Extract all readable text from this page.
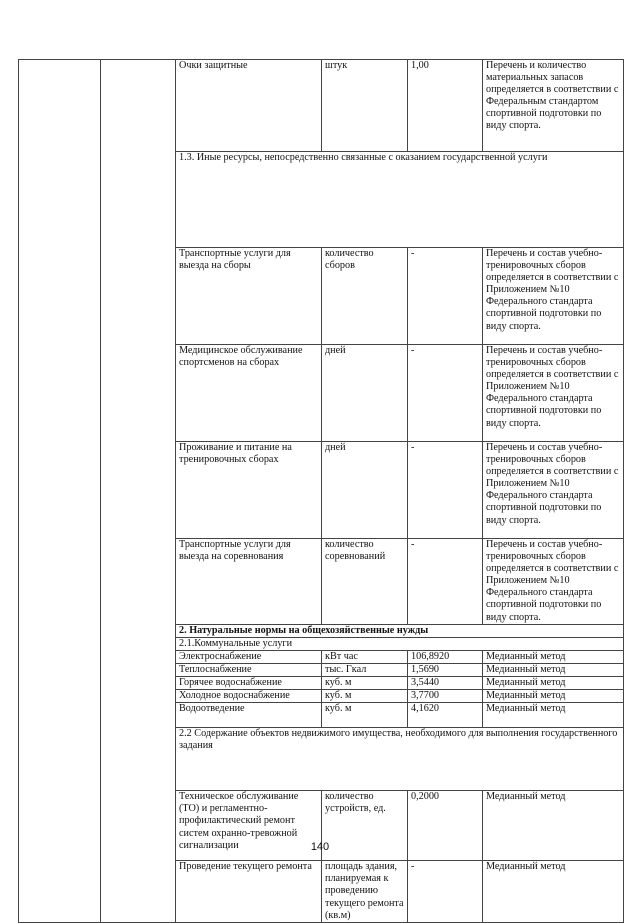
		Очки защитные	штук	1,00	Перечень и количество материальных запасов определяется в соответствии с Федеральным стандартом спортивной подготовки по виду спорта.
		1.3. Иные ресурсы, непосредственно связанные с оказанием государственной услуги			
		Транспортные услуги для выезда на сборы	количество сборов	-	Перечень и состав учебно-тренировочных сборов определяется в соответствии с Приложением №10 Федерального стандарта спортивной подготовки по виду спорта.
		Медицинское обслуживание спортсменов на сборах	дней	-	Перечень и состав учебно-тренировочных сборов определяется в соответствии с Приложением №10 Федерального стандарта спортивной подготовки по виду спорта.
		Проживание и питание на тренировочных сборах	дней	-	Перечень и состав учебно-тренировочных сборов определяется в соответствии с Приложением №10 Федерального стандарта спортивной подготовки по виду спорта.
		Транспортные услуги для выезда на соревнования	количество соревнований	-	Перечень и состав учебно-тренировочных сборов определяется в соответствии с Приложением №10 Федерального стандарта спортивной подготовки по виду спорта.
		2. Натуральные нормы на общехозяйственные нужды			
		2.1.Коммунальные услуги			
		Электроснабжение	кВт час	106,8920	Медианный метод
		Теплоснабжение	тыс. Гкал	1,5690	Медианный метод
		Горячее водоснабжение	куб. м	3,5440	Медианный метод
		Холодное водоснабжение	куб. м	3,7700	Медианный метод
		Водоотведение	куб. м	4,1620	Медианный метод
		2.2 Содержание объектов недвижимого имущества, необходимого для выполнения государственного задания			
		Техническое обслуживание (ТО) и регламентно-профилактический ремонт систем охранно-тревожной сигнализации	количество устройств, ед.	0,2000	Медианный метод
		Проведение текущего ремонта	площадь здания, планируемая к проведению текущего ремонта (кв.м)	-	Медианный метод
140
